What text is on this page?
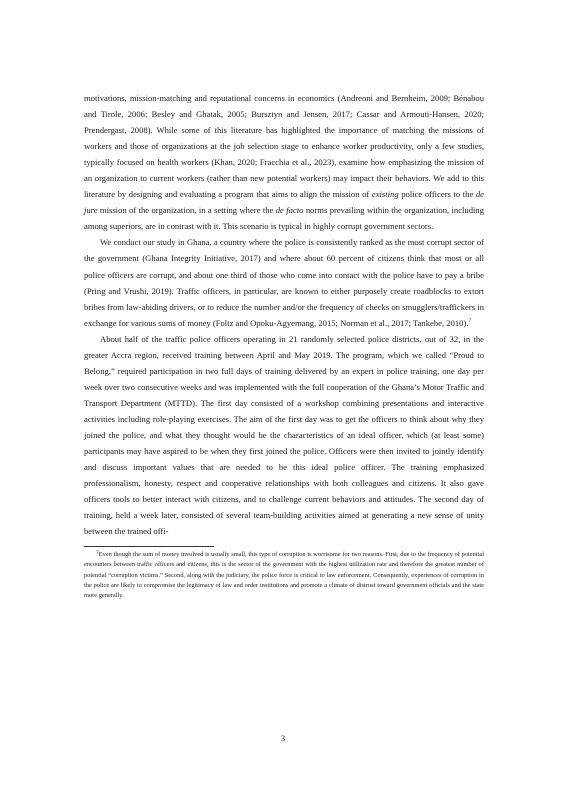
motivations, mission-matching and reputational concerns in economics (Andreoni and Bernheim, 2009; Bénabou and Tirole, 2006; Besley and Ghatak, 2005; Bursztyn and Jensen, 2017; Cassar and Armouti-Hansen, 2020; Prendergast, 2008). While some of this literature has highlighted the importance of matching the missions of workers and those of organizations at the job selection stage to enhance worker productivity, only a few studies, typically focused on health workers (Khan, 2020; Fracchia et al., 2023), examine how emphasizing the mission of an organization to current workers (rather than new potential workers) may impact their behaviors. We add to this literature by designing and evaluating a program that aims to align the mission of existing police officers to the de jure mission of the organization, in a setting where the de facto norms prevailing within the organization, including among superiors, are in contrast with it. This scenario is typical in highly corrupt government sectors.

We conduct our study in Ghana, a country where the police is consistently ranked as the most corrupt sector of the government (Ghana Integrity Initiative, 2017) and where about 60 percent of citizens think that most or all police officers are corrupt, and about one third of those who come into contact with the police have to pay a bribe (Pring and Vrushi, 2019). Traffic officers, in particular, are known to either purposely create roadblocks to extort bribes from law-abiding drivers, or to reduce the number and/or the frequency of checks on smugglers/traffickers in exchange for various sums of money (Foltz and Opoku-Agyemang, 2015; Norman et al., 2017; Tankebe, 2010).$^7$

About half of the traffic police officers operating in 21 randomly selected police districts, out of 32, in the greater Accra region, received training between April and May 2019. The program, which we called “Proud to Belong,” required participation in two full days of training delivered by an expert in police training, one day per week over two consecutive weeks and was implemented with the full cooperation of the Ghana’s Motor Traffic and Transport Department (MTTD). The first day consisted of a workshop combining presentations and interactive activities including role-playing exercises. The aim of the first day was to get the officers to think about why they joined the police, and what they thought would be the characteristics of an ideal officer, which (at least some) participants may have aspired to be when they first joined the police. Officers were then invited to jointly identify and discuss important values that are needed to be this ideal police officer. The training emphasized professionalism, honesty, respect and cooperative relationships with both colleagues and citizens. It also gave officers tools to better interact with citizens, and to challenge current behaviors and attitudes. The second day of training, held a week later, consisted of several team-building activities aimed at generating a new sense of unity between the trained offi-

7Even though the sum of money involved is usually small, this type of corruption is worrisome for two reasons. First, due to the frequency of potential encounters between traffic officers and citizens, this is the sector of the government with the highest utilization rate and therefore the greatest number of potential “corruption victims.” Second, along with the judiciary, the police force is critical to law enforcement. Consequently, experiences of corruption in the police are likely to compromise the legitimacy of law and order institutions and promote a climate of distrust toward government officials and the state more generally.

3
